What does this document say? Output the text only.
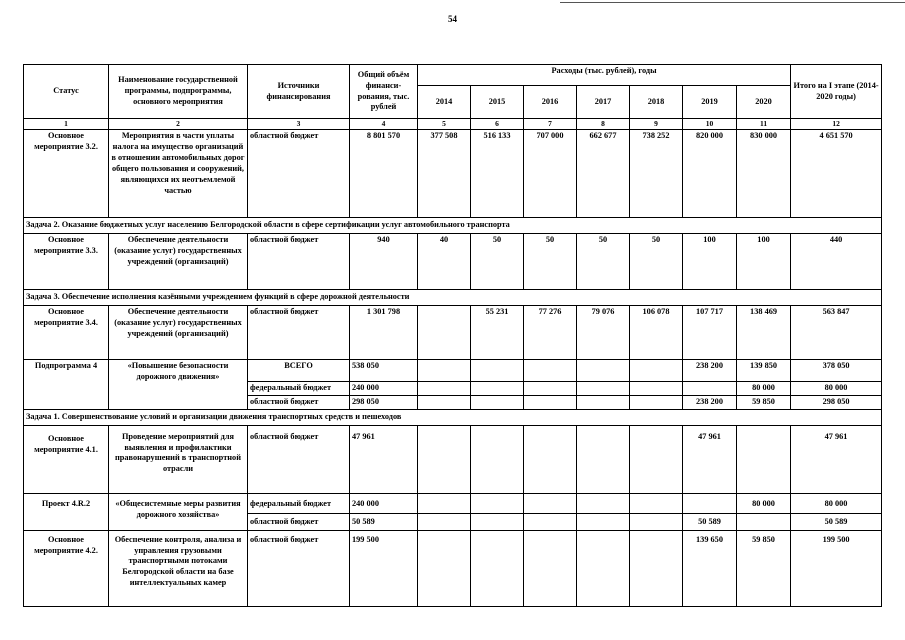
54
Статус	Наименование государственной программы, подпрограммы, основного мероприятия	Источники финансирования	Общий объём финанси-рования, тыс. рублей	Расходы (тыс. рублей), годы							Итого на I этапе (2014-2020 годы)
				2014	2015	2016	2017	2018	2019	2020	
1	2	3	4	5	6	7	8	9	10	11	12
Основное мероприятие 3.2.	Мероприятия в части уплаты налога на имущество организаций в отношении автомобильных дорог общего пользования и сооружений, являющихся их неотъемлемой частью	областной бюджет	8 801 570	377 508	516 133	707 000	662 677	738 252	820 000	830 000	4 651 570
Задача 2. Оказание бюджетных услуг населению Белгородской области в сфере сертификации услуг автомобильного транспорта											
Основное мероприятие 3.3.	Обеспечение деятельности (оказание услуг) государственных учреждений (организаций)	областной бюджет	940	40	50	50	50	50	100	100	440
Задача 3. Обеспечение исполнения казёнными учреждением функций в сфере дорожной деятельности											
Основное мероприятие 3.4.	Обеспечение деятельности (оказание услуг) государственных учреждений (организаций)	областной бюджет	1 301 798		55 231	77 276	79 076	106 078	107 717	138 469	563 847
Подпрограмма 4	«Повышение безопасности дорожного движения»	ВСЕГО	538 050						238 200	139 850	378 050
		федеральный бюджет	240 000							80 000	80 000
		областной бюджет	298 050						238 200	59 850	298 050
Задача 1. Совершенствование условий и организации движения транспортных средств и пешеходов											
Основное мероприятие 4.1.	Проведение мероприятий для выявления и профилактики правонарушений в транспортной отрасли	областной бюджет	47 961						47 961		47 961
Проект 4.R.2	«Общесистемные меры развития дорожного хозяйства»	федеральный бюджет	240 000							80 000	80 000
		областной бюджет	50 589						50 589		50 589
Основное мероприятие 4.2.	Обеспечение контроля, анализа и управления грузовыми транспортными потоками Белгородской области на базе интеллектуальных камер	областной бюджет	199 500						139 650	59 850	199 500
